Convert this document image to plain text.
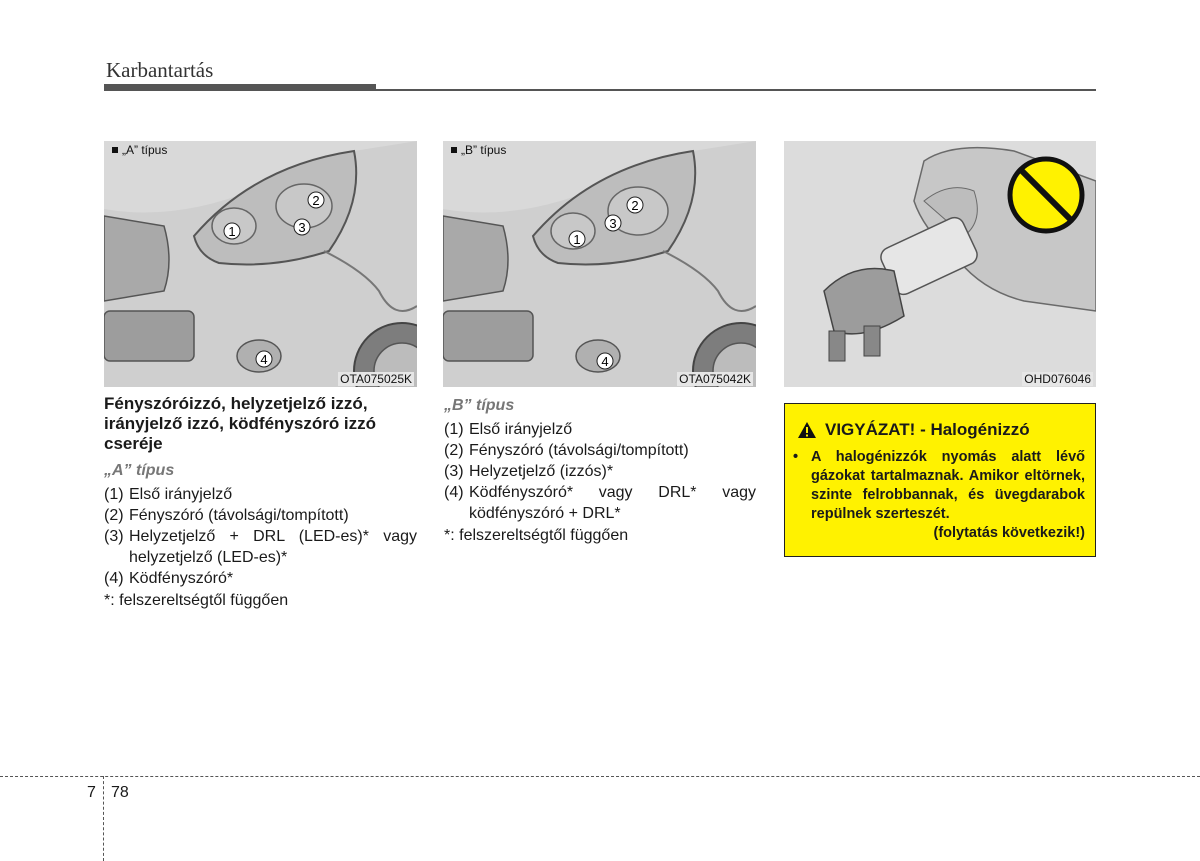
Karbantartás
1
2
3
4
„A” típus
OTA075025K
1
2
3
4
„B” típus
OTA075042K	OHD076046
Fényszóróizzó, helyzetjelző izzó, irányjelző izzó, ködfényszóró izzó cseréje
„A” típus
(1) Első irányjelző
(2) Fényszóró (távolsági/tompított)
(3) Helyzetjelző + DRL (LED-es)* vagy helyzetjelző (LED-es)*
(4) Ködfényszóró*
*: felszereltségtől függően
„B” típus
(1) Első irányjelző
(2) Fényszóró (távolsági/tompított)
(3) Helyzetjelző (izzós)*
(4) Ködfényszóró* vagy DRL* vagy ködfényszóró + DRL*
*: felszereltségtől függően
VIGYÁZAT! - Halogénizzó
• A halogénizzók nyomás alatt lévő gázokat tartalmaznak. Amikor eltörnek, szinte felrobbannak, és üvegdarabok repülnek szerteszét.
(folytatás következik!)
7 78
